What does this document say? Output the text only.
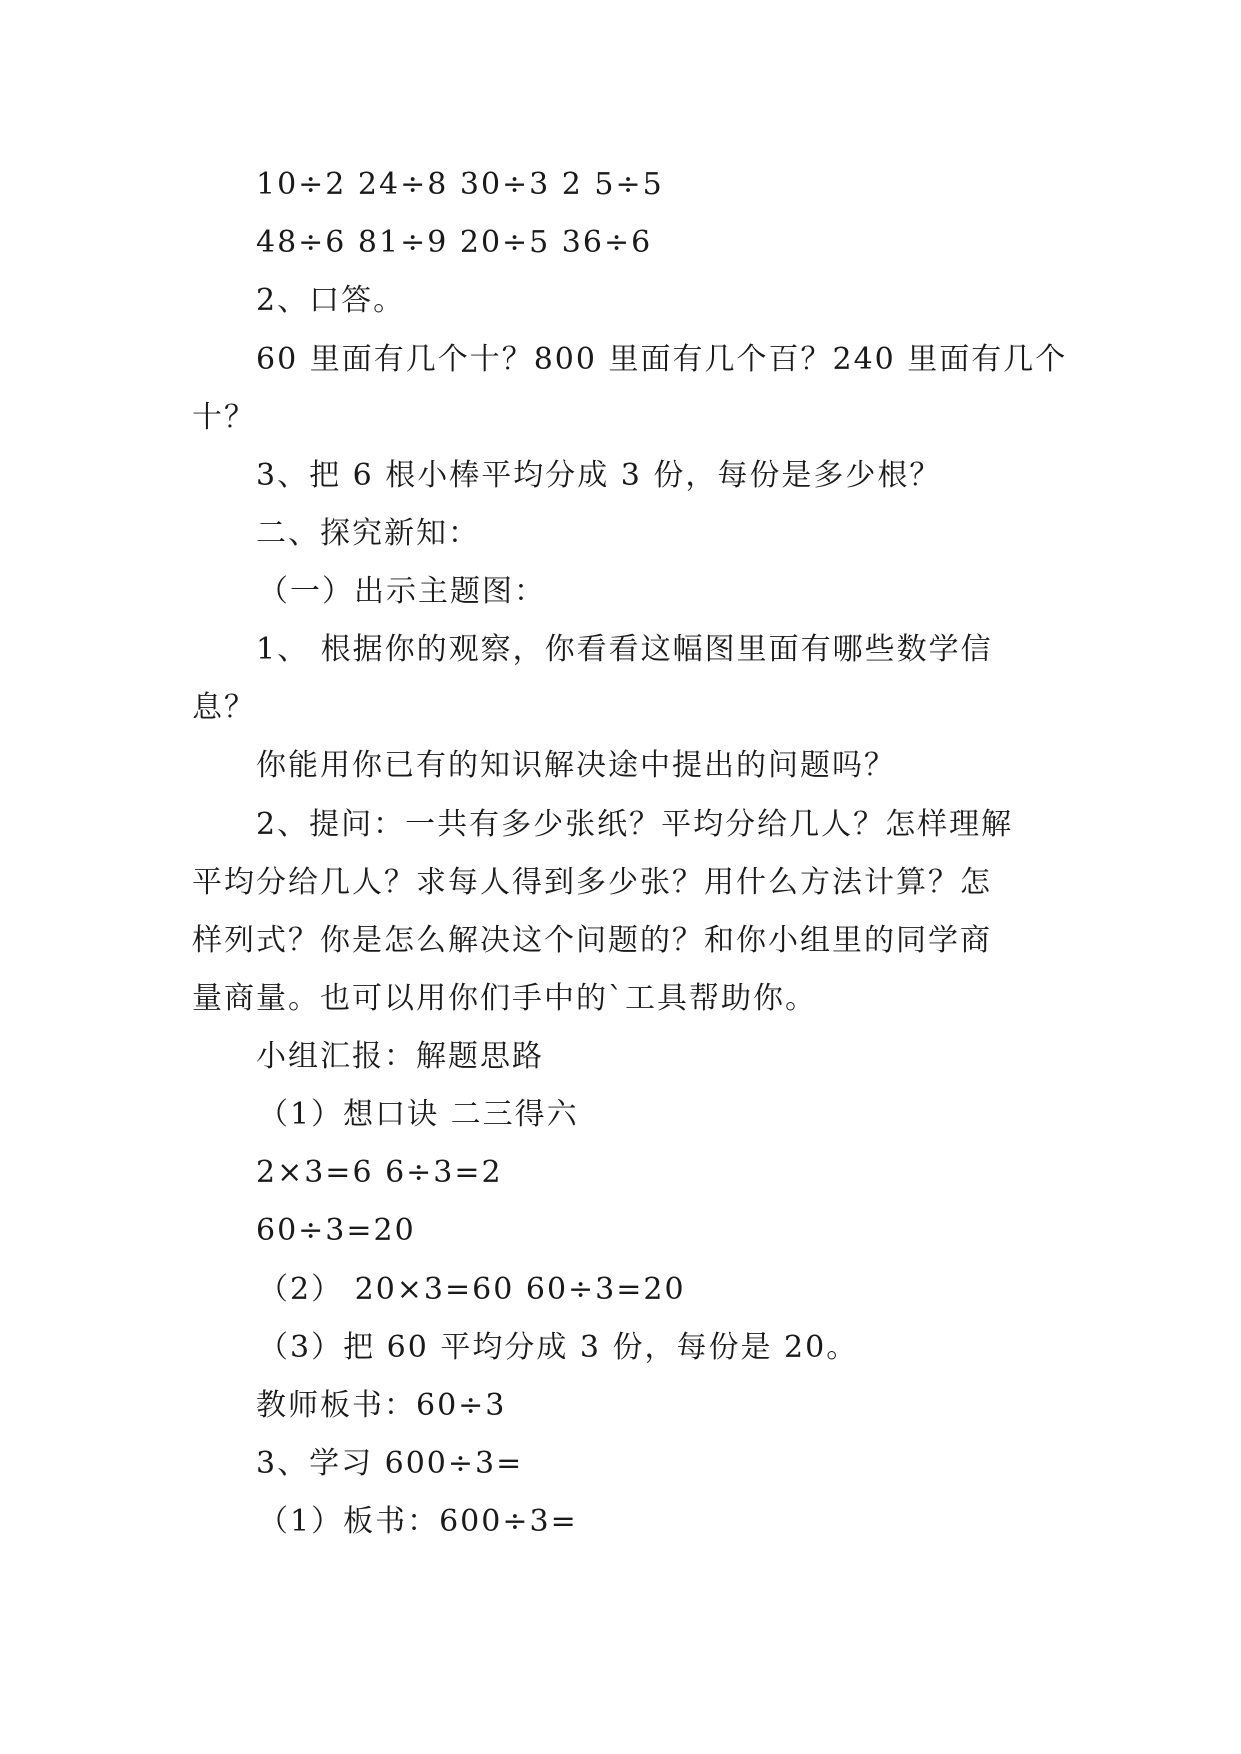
10÷2 24÷8 30÷3 2 5÷5
48÷6 81÷9 20÷5 36÷6
2、口答。
60 里面有几个十？800 里面有几个百？240 里面有几个
十？
3、把 6 根小棒平均分成 3 份，每份是多少根？
二、探究新知：
（一）出示主题图：
1、 根据你的观察，你看看这幅图里面有哪些数学信
息？
你能用你已有的知识解决途中提出的问题吗？
2、提问：一共有多少张纸？平均分给几人？怎样理解
平均分给几人？求每人得到多少张？用什么方法计算？怎
样列式？你是怎么解决这个问题的？和你小组里的同学商
量商量。也可以用你们手中的`工具帮助你。
小组汇报：解题思路
（1）想口诀 二三得六
2×3=6 6÷3=2
60÷3=20
（2） 20×3=60 60÷3=20
（3）把 60 平均分成 3 份，每份是 20。
教师板书：60÷3
3、学习 600÷3=
（1）板书：600÷3=
